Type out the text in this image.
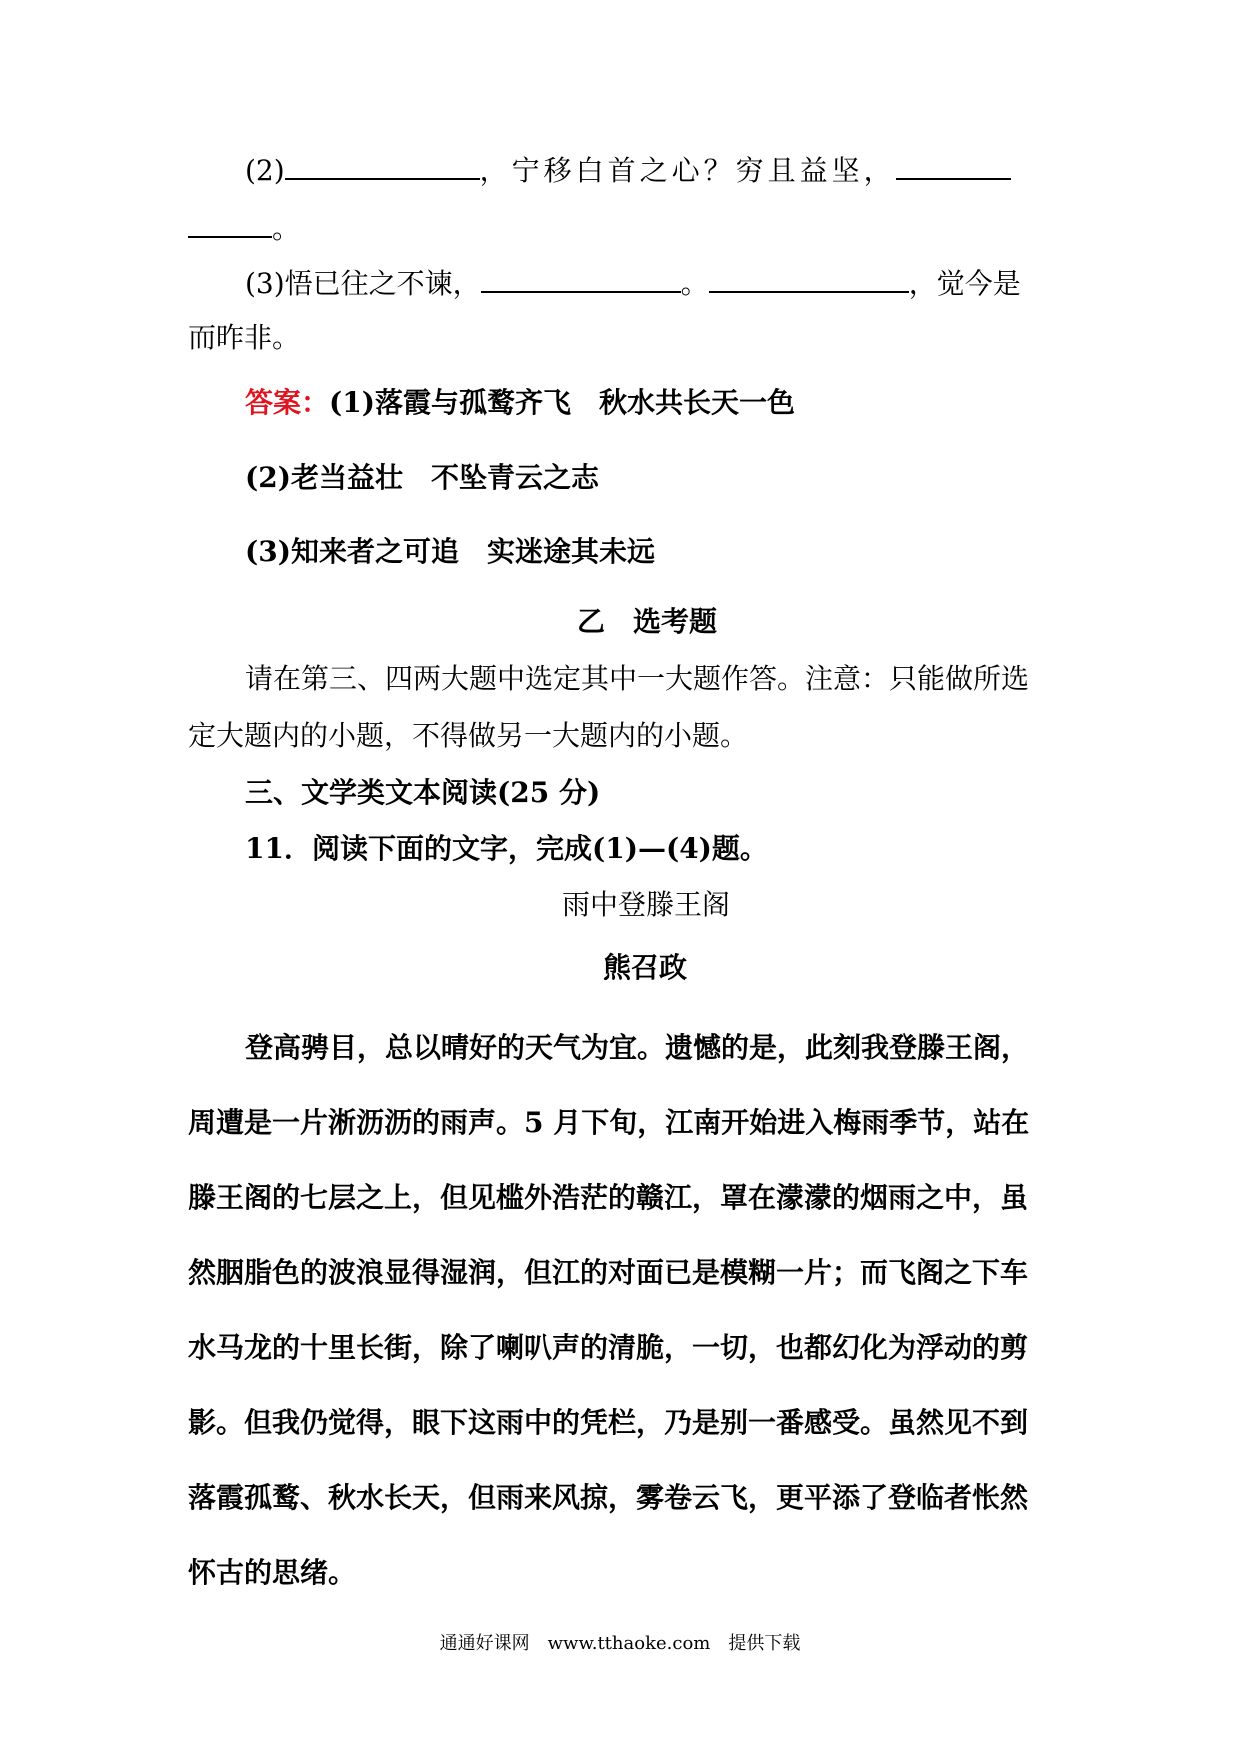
(2)	，宁移白首之心？穷且益坚，
。
(3)悟已往之不谏，	。	，觉今是
而昨非。
答案：(1)落霞与孤鹜齐飞　秋水共长天一色
(2)老当益壮　不坠青云之志
(3)知来者之可追　实迷途其未远
乙　选考题
请在第三、四两大题中选定其中一大题作答。注意：只能做所选
定大题内的小题，不得做另一大题内的小题。
三、文学类文本阅读(25 分)
11．阅读下面的文字，完成(1)—(4)题。
雨中登滕王阁
熊召政
登高骋目，总以晴好的天气为宜。遗憾的是，此刻我登滕王阁，
周遭是一片淅沥沥的雨声。5 月下旬，江南开始进入梅雨季节，站在
滕王阁的七层之上，但见槛外浩茫的赣江，罩在濛濛的烟雨之中，虽
然胭脂色的波浪显得湿润，但江的对面已是模糊一片；而飞阁之下车
水马龙的十里长街，除了喇叭声的清脆，一切，也都幻化为浮动的剪
影。但我仍觉得，眼下这雨中的凭栏，乃是别一番感受。虽然见不到
落霞孤鹜、秋水长天，但雨来风掠，雾卷云飞，更平添了登临者怅然
怀古的思绪。
通通好课网　www.tthaoke.com　提供下载
